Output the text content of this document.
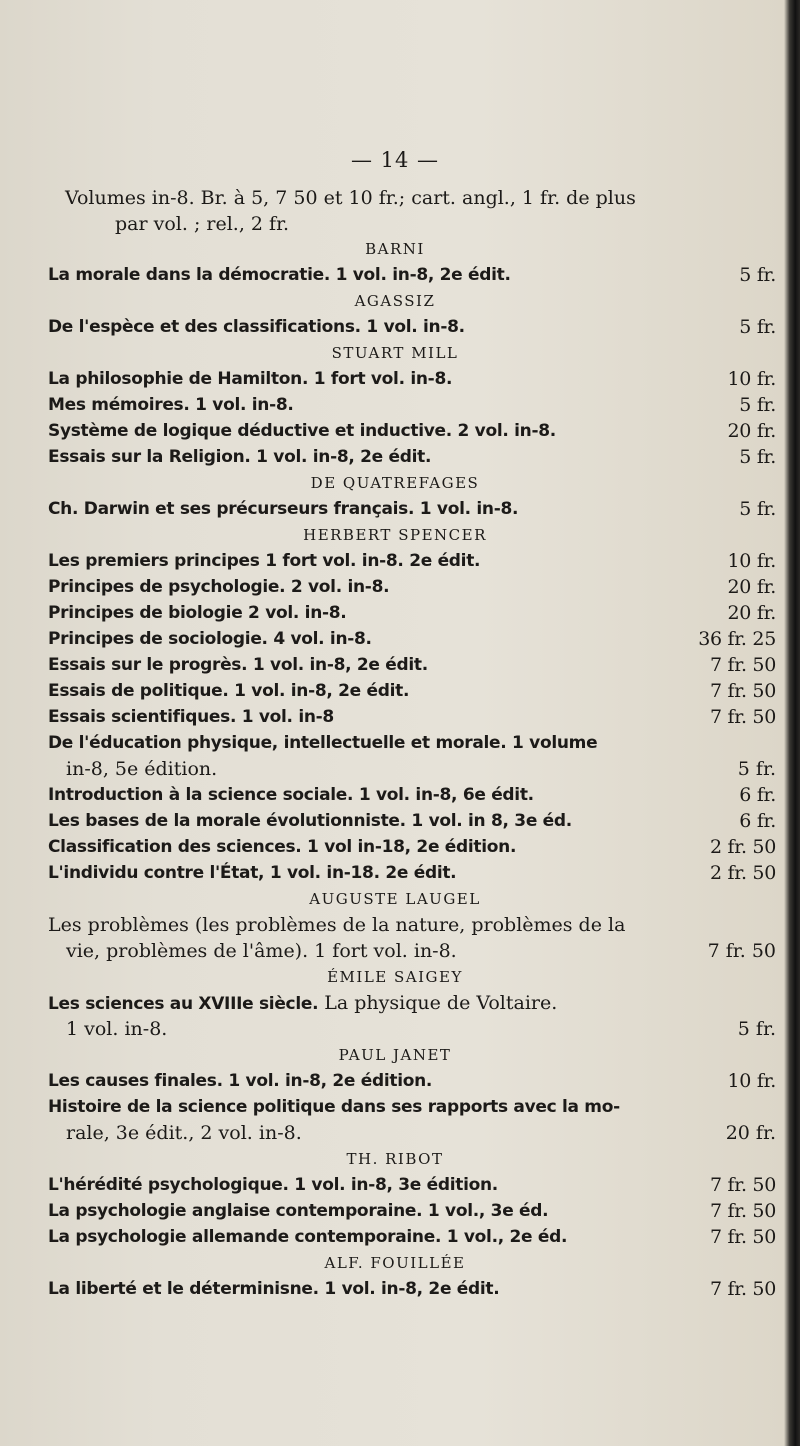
— 14 —
Volumes in-8. Br. à 5, 7 50 et 10 fr.; cart. angl., 1 fr. de plus
par vol. ; rel., 2 fr.
BARNI
La morale dans la démocratie. 1 vol. in-8, 2e édit.	5 fr.
AGASSIZ
De l'espèce et des classifications. 1 vol. in-8.	5 fr.
STUART MILL
La philosophie de Hamilton. 1 fort vol. in-8.	10 fr.
Mes mémoires. 1 vol. in-8.	5 fr.
Système de logique déductive et inductive. 2 vol. in-8.	20 fr.
Essais sur la Religion. 1 vol. in-8, 2e édit.	5 fr.
DE QUATREFAGES
Ch. Darwin et ses précurseurs français. 1 vol. in-8.	5 fr.
HERBERT SPENCER
Les premiers principes 1 fort vol. in-8. 2e édit.	10 fr.
Principes de psychologie. 2 vol. in-8.	20 fr.
Principes de biologie 2 vol. in-8.	20 fr.
Principes de sociologie. 4 vol. in-8.	36 fr. 25
Essais sur le progrès. 1 vol. in-8, 2e édit.	7 fr. 50
Essais de politique. 1 vol. in-8, 2e édit.	7 fr. 50
Essais scientifiques. 1 vol. in-8	7 fr. 50
De l'éducation physique, intellectuelle et morale. 1 volume
in-8, 5e édition.	5 fr.
Introduction à la science sociale. 1 vol. in-8, 6e édit.	6 fr.
Les bases de la morale évolutionniste. 1 vol. in 8, 3e éd.	6 fr.
Classification des sciences. 1 vol in-18, 2e édition.	2 fr. 50
L'individu contre l'État, 1 vol. in-18. 2e édit.	2 fr. 50
AUGUSTE LAUGEL
Les problèmes (les problèmes de la nature, problèmes de la
vie, problèmes de l'âme). 1 fort vol. in-8.	7 fr. 50
ÉMILE SAIGEY
Les sciences au XVIIIe siècle. La physique de Voltaire.
1 vol. in-8.	5 fr.
PAUL JANET
Les causes finales. 1 vol. in-8, 2e édition.	10 fr.
Histoire de la science politique dans ses rapports avec la mo-
rale, 3e édit., 2 vol. in-8.	20 fr.
TH. RIBOT
L'hérédité psychologique. 1 vol. in-8, 3e édition.	7 fr. 50
La psychologie anglaise contemporaine. 1 vol., 3e éd.	7 fr. 50
La psychologie allemande contemporaine. 1 vol., 2e éd.	7 fr. 50
ALF. FOUILLÉE
La liberté et le déterminisne. 1 vol. in-8, 2e édit.	7 fr. 50
